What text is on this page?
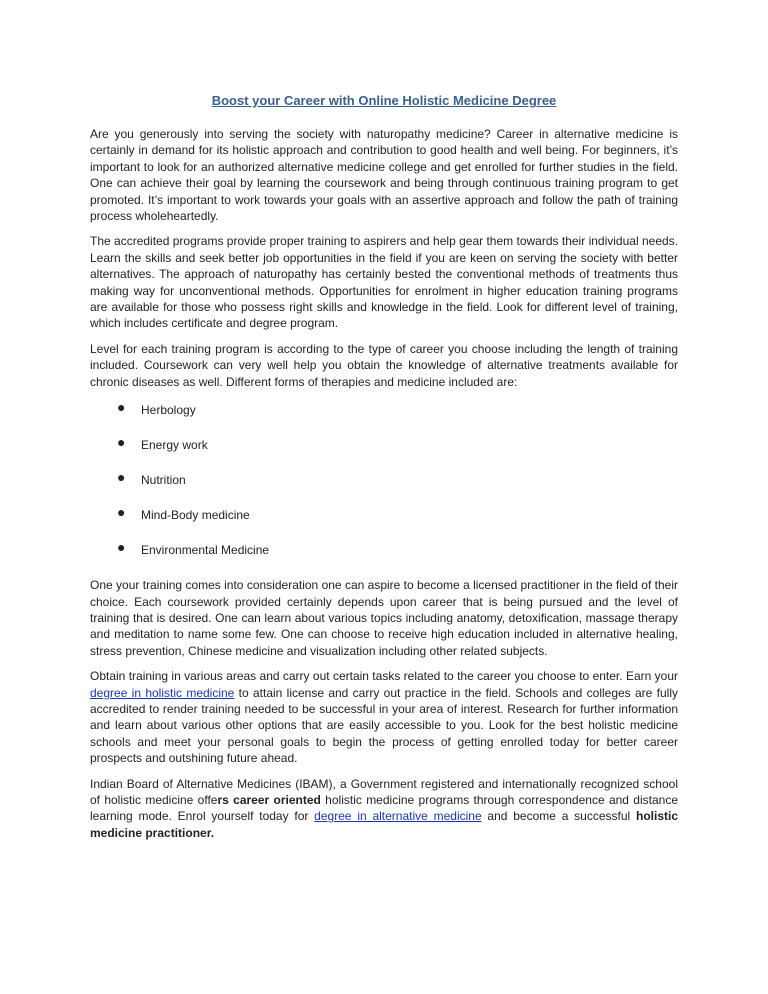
Boost your Career with Online Holistic Medicine Degree

Are you generously into serving the society with naturopathy medicine? Career in alternative medicine is certainly in demand for its holistic approach and contribution to good health and well being. For beginners, it’s important to look for an authorized alternative medicine college and get enrolled for further studies in the field. One can achieve their goal by learning the coursework and being through continuous training program to get promoted. It’s important to work towards your goals with an assertive approach and follow the path of training process wholeheartedly.

The accredited programs provide proper training to aspirers and help gear them towards their individual needs. Learn the skills and seek better job opportunities in the field if you are keen on serving the society with better alternatives. The approach of naturopathy has certainly bested the conventional methods of treatments thus making way for unconventional methods. Opportunities for enrolment in higher education training programs are available for those who possess right skills and knowledge in the field. Look for different level of training, which includes certificate and degree program.

Level for each training program is according to the type of career you choose including the length of training included. Coursework can very well help you obtain the knowledge of alternative treatments available for chronic diseases as well. Different forms of therapies and medicine included are:

● Herbology
● Energy work
● Nutrition
● Mind-Body medicine
● Environmental Medicine

One your training comes into consideration one can aspire to become a licensed practitioner in the field of their choice. Each coursework provided certainly depends upon career that is being pursued and the level of training that is desired. One can learn about various topics including anatomy, detoxification, massage therapy and meditation to name some few. One can choose to receive high education included in alternative healing, stress prevention, Chinese medicine and visualization including other related subjects.

Obtain training in various areas and carry out certain tasks related to the career you choose to enter. Earn your degree in holistic medicine to attain license and carry out practice in the field. Schools and colleges are fully accredited to render training needed to be successful in your area of interest. Research for further information and learn about various other options that are easily accessible to you. Look for the best holistic medicine schools and meet your personal goals to begin the process of getting enrolled today for better career prospects and outshining future ahead.

Indian Board of Alternative Medicines (IBAM), a Government registered and internationally recognized school of holistic medicine offers career oriented holistic medicine programs through correspondence and distance learning mode. Enrol yourself today for degree in alternative medicine and become a successful holistic medicine practitioner.
